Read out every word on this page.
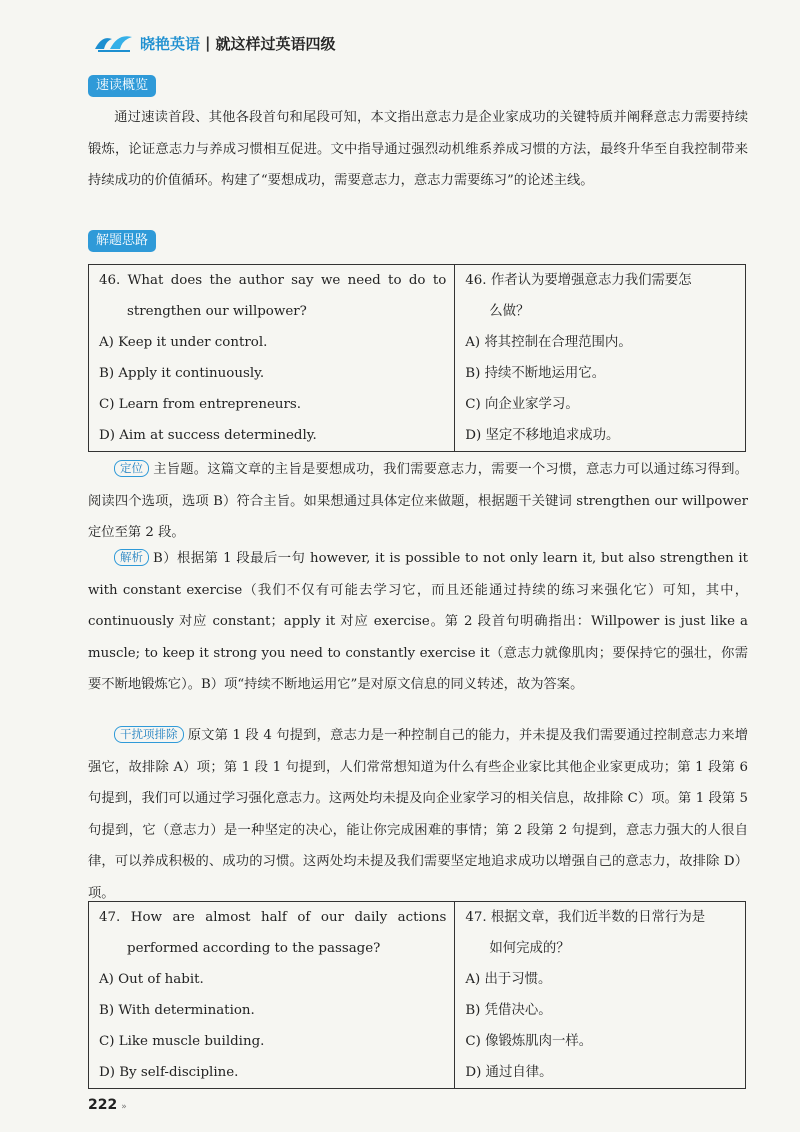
晓艳英语 | 就这样过英语四级
速读概览
通过速读首段、其他各段首句和尾段可知，本文指出意志力是企业家成功的关键特质并阐释意志力需要持续锻炼，论证意志力与养成习惯相互促进。文中指导通过强烈动机维系养成习惯的方法，最终升华至自我控制带来持续成功的价值循环。构建了“要想成功，需要意志力，意志力需要练习”的论述主线。
解题思路
46. What does the author say we need to do to
strengthen our willpower?
A) Keep it under control.
B) Apply it continuously.
C) Learn from entrepreneurs.
D) Aim at success determinedly.

46. 作者认为要增强意志力我们需要怎
么做？
A) 将其控制在合理范围内。
B) 持续不断地运用它。
C) 向企业家学习。
D) 坚定不移地追求成功。
定位 主旨题。这篇文章的主旨是要想成功，我们需要意志力，需要一个习惯，意志力可以通过练习得到。阅读四个选项，选项 B）符合主旨。如果想通过具体定位来做题，根据题干关键词 strengthen our willpower 定位至第 2 段。
解析 B）根据第 1 段最后一句 however, it is possible to not only learn it, but also strengthen it with constant exercise（我们不仅有可能去学习它，而且还能通过持续的练习来强化它）可知，其中，continuously 对应 constant；apply it 对应 exercise。第 2 段首句明确指出：Willpower is just like a muscle; to keep it strong you need to constantly exercise it（意志力就像肌肉；要保持它的强壮，你需要不断地锻炼它）。B）项“持续不断地运用它”是对原文信息的同义转述，故为答案。
干扰项排除 原文第 1 段 4 句提到，意志力是一种控制自己的能力，并未提及我们需要通过控制意志力来增强它，故排除 A）项；第 1 段 1 句提到，人们常常想知道为什么有些企业家比其他企业家更成功；第 1 段第 6 句提到，我们可以通过学习强化意志力。这两处均未提及向企业家学习的相关信息，故排除 C）项。第 1 段第 5 句提到，它（意志力）是一种坚定的决心，能让你完成困难的事情；第 2 段第 2 句提到，意志力强大的人很自律，可以养成积极的、成功的习惯。这两处均未提及我们需要坚定地追求成功以增强自己的意志力，故排除 D）项。
47. How are almost half of our daily actions
performed according to the passage?
A) Out of habit.
B) With determination.
C) Like muscle building.
D) By self-discipline.

47. 根据文章，我们近半数的日常行为是
如何完成的？
A) 出于习惯。
B) 凭借决心。
C) 像锻炼肌肉一样。
D) 通过自律。
222 »
